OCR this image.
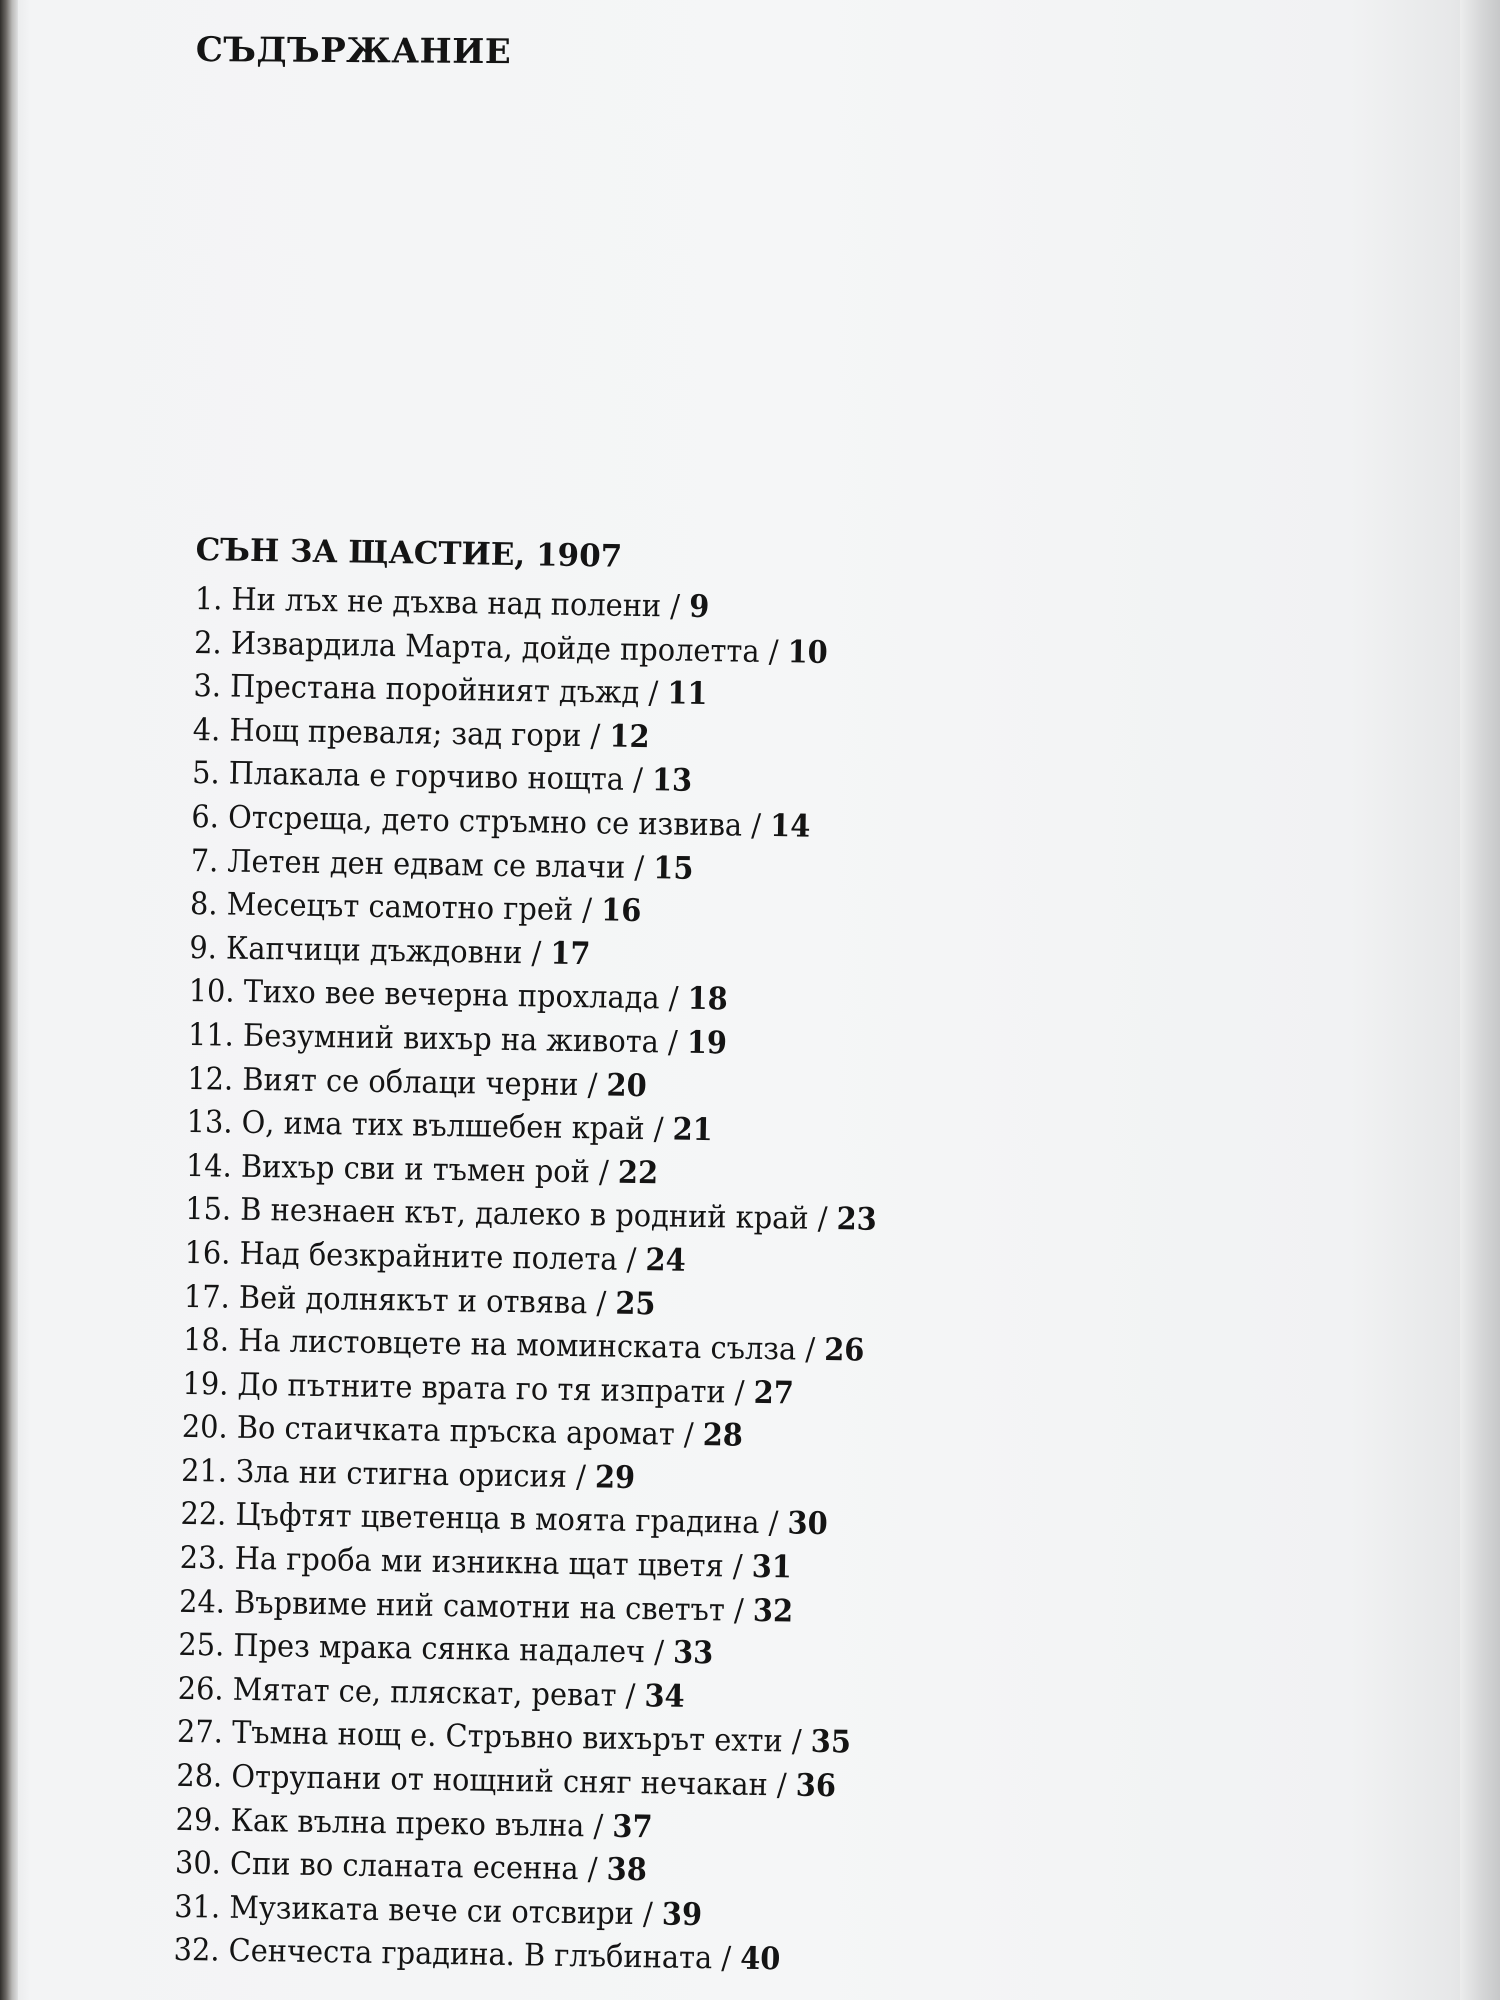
СЪДЪРЖАНИЕ
СЪН ЗА ЩАСТИЕ, 1907
1. Ни лъх не дъхва над полени / 9
2. Извардила Марта, дойде пролетта / 10
3. Престана поройният дъжд / 11
4. Нощ преваля; зад гори / 12
5. Плакала е горчиво нощта / 13
6. Отсреща, дето стръмно се извива / 14
7. Летен ден едвам се влачи / 15
8. Месецът самотно грей / 16
9. Капчици дъждовни / 17
10. Тихо вее вечерна прохлада / 18
11. Безумний вихър на живота / 19
12. Вият се облаци черни / 20
13. О, има тих вълшебен край / 21
14. Вихър сви и тъмен рой / 22
15. В незнаен кът, далеко в родний край / 23
16. Над безкрайните полета / 24
17. Вей долнякът и отвява / 25
18. На листовцете на моминската сълза / 26
19. До пътните врата го тя изпрати / 27
20. Во стаичката пръска аромат / 28
21. Зла ни стигна орисия / 29
22. Цъфтят цветенца в моята градина / 30
23. На гроба ми изникна щат цветя / 31
24. Вървиме ний самотни на светът / 32
25. През мрака сянка надалеч / 33
26. Мятат се, пляскат, реват / 34
27. Тъмна нощ е. Стръвно вихърът ехти / 35
28. Отрупани от нощний сняг нечакан / 36
29. Как вълна преко вълна / 37
30. Спи во сланата есенна / 38
31. Музиката вече си отсвири / 39
32. Сенчеста градина. В глъбината / 40
